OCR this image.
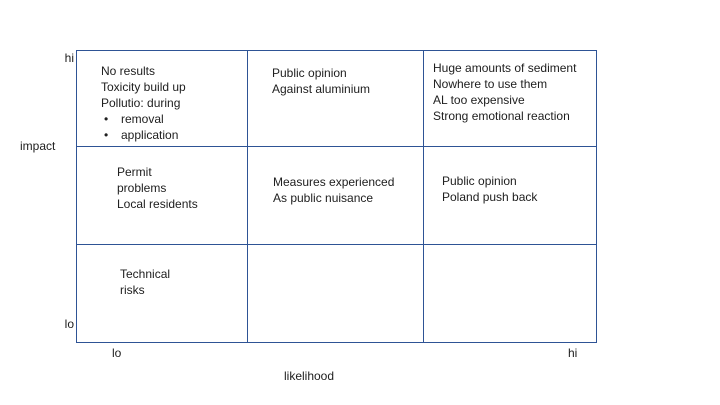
No results
Toxicity build up
Pollutio: during
•	removal
•	application
Public opinion
Against aluminium
Huge amounts of sediment
Nowhere to use them
AL too expensive
Strong emotional reaction
Permit
problems
Local residents
Measures experienced
As public nuisance
Public opinion
Poland push back
Technical
risks
hi
impact
lo
lo
likelihood
hi
